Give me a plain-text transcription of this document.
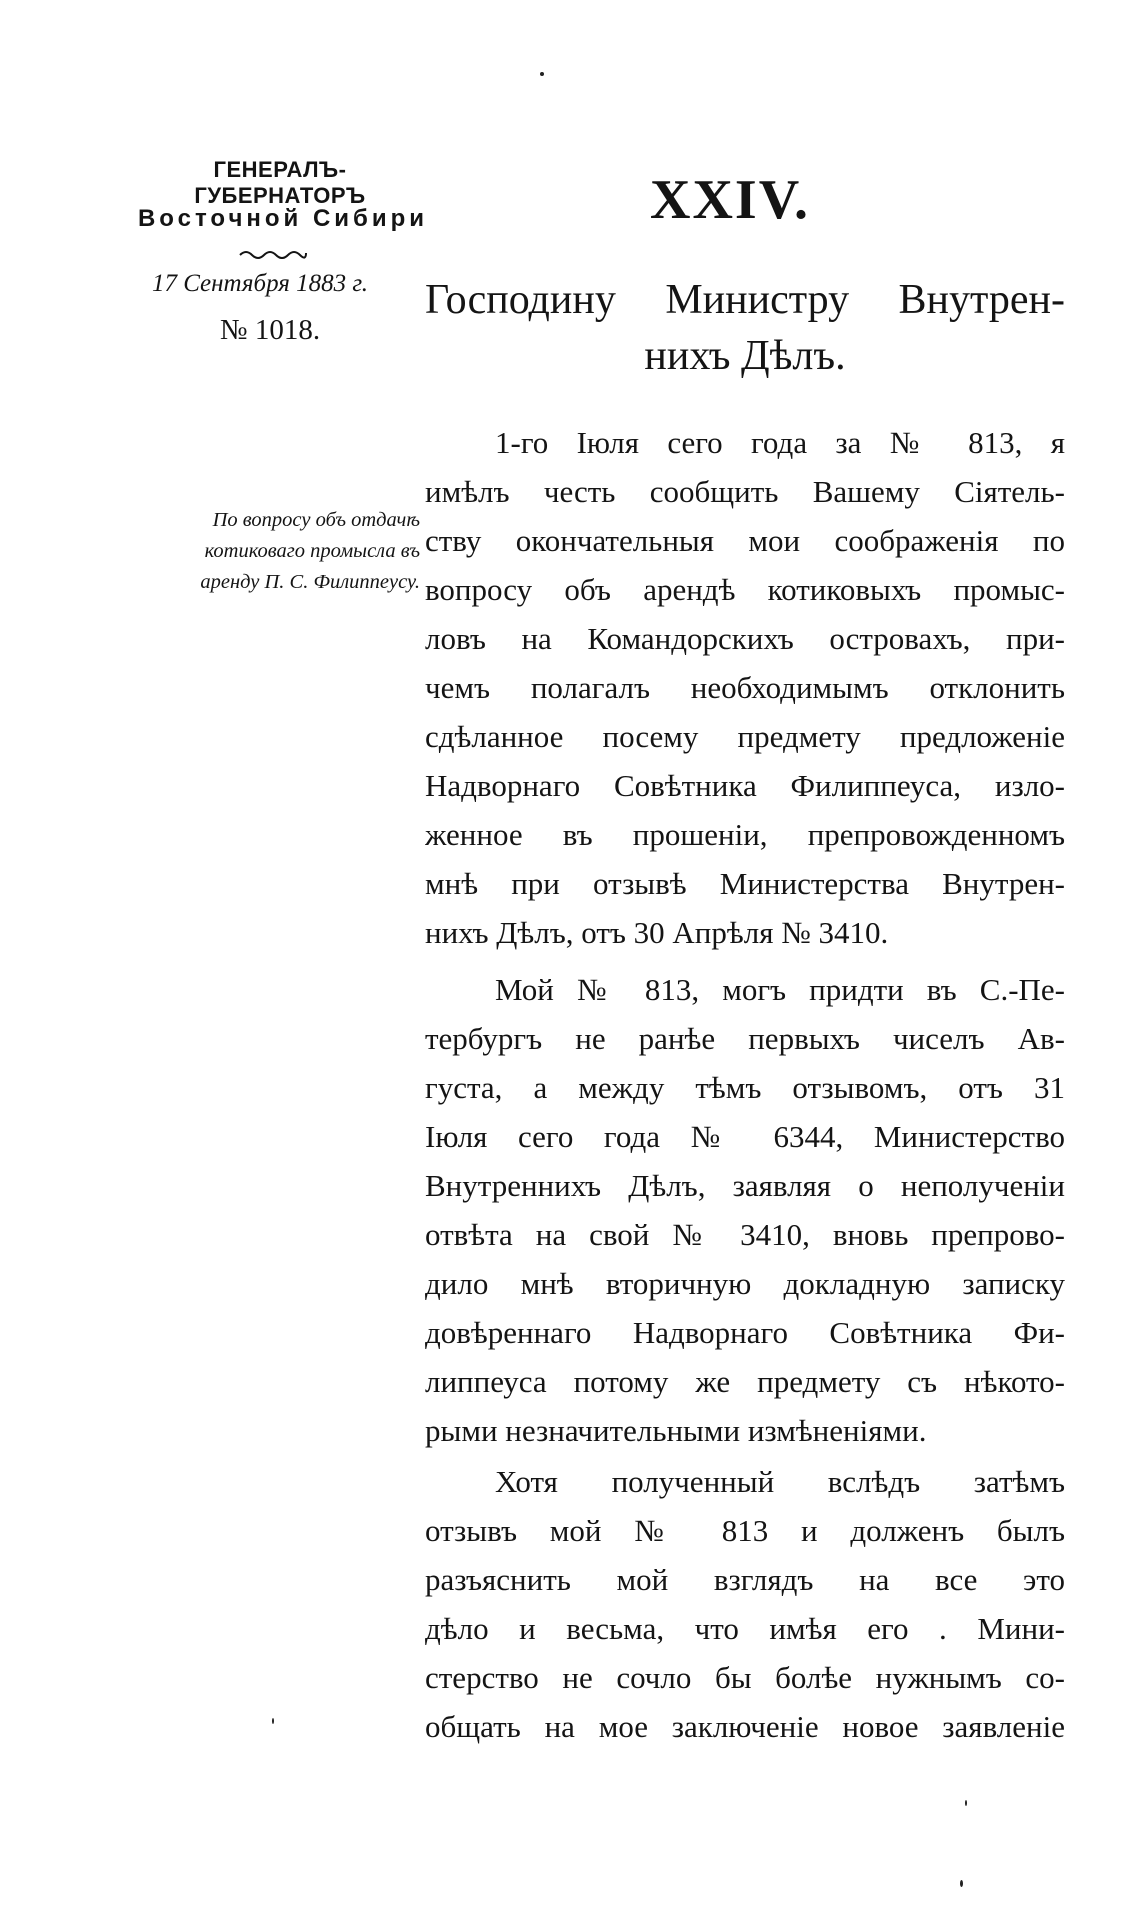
ГЕНЕРАЛЪ-ГУБЕРНАТОРЪ
Восточной Сибири
17 Сентября 1883 г.
№ 1018.
XXIV.
Господину Министру Внутрен-
нихъ Дѣлъ.
По вопросу объ отдачѣ
котиковаго промысла въ
аренду П. С. Филиппеусу.

1-го Іюля сего года за № 813, я
имѣлъ честь сообщить Вашему Сіятель-
ству окончательныя мои соображенія по
вопросу объ арендѣ котиковыхъ промыс-
ловъ на Командорскихъ островахъ, при-
чемъ полагалъ необходимымъ отклонить
сдѣланное посему предмету предложеніе
Надворнаго Совѣтника Филиппеуса, изло-
женное въ прошеніи, препровожденномъ
мнѣ при отзывѣ Министерства Внутрен-
нихъ Дѣлъ, отъ 30 Апрѣля № 3410.

Мой № 813, могъ придти въ С.-Пе-
тербургъ не ранѣе первыхъ чиселъ Ав-
густа, а между тѣмъ отзывомъ, отъ 31
Іюля сего года № 6344, Министерство
Внутреннихъ Дѣлъ, заявляя о неполученіи
отвѣта на свой № 3410, вновь препрово-
дило мнѣ вторичную докладную записку
довѣреннаго Надворнаго Совѣтника Фи-
липпеуса потому же предмету съ нѣкото-
рыми незначительными измѣненіями.

Хотя полученный вслѣдъ затѣмъ
отзывъ мой № 813 и долженъ былъ
разъяснить мой взглядъ на все это
дѣло и весьма, что имѣя его . Мини-
стерство не сочло бы болѣе нужнымъ со-
общать на мое заключеніе новое заявленіе
